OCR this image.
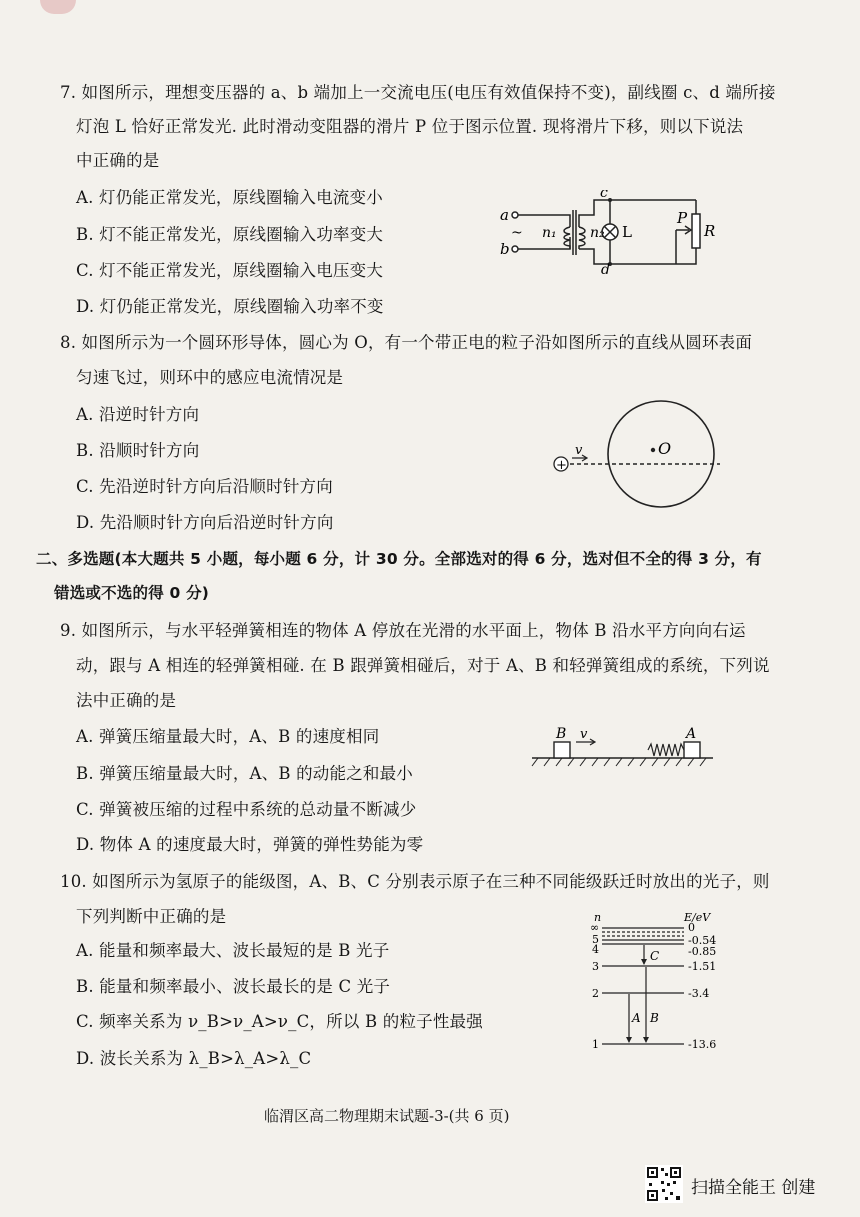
7. 如图所示，理想变压器的 a、b 端加上一交流电压(电压有效值保持不变)，副线圈 c、d 端所接
灯泡 L 恰好正常发光. 此时滑动变阻器的滑片 P 位于图示位置. 现将滑片下移，则以下说法
中正确的是
A. 灯仍能正常发光，原线圈输入电流变小
B. 灯不能正常发光，原线圈输入功率变大
C. 灯不能正常发光，原线圈输入电压变大
D. 灯仍能正常发光，原线圈输入功率不变
a
b
~ n₁ n₂
c
d
L
P
R
8. 如图所示为一个圆环形导体，圆心为 O，有一个带正电的粒子沿如图所示的直线从圆环表面
匀速飞过，则环中的感应电流情况是
A. 沿逆时针方向
B. 沿顺时针方向
C. 先沿逆时针方向后沿顺时针方向
D. 先沿顺时针方向后沿逆时针方向
+
v	O
二、多选题(本大题共 5 小题，每小题 6 分，计 30 分。全部选对的得 6 分，选对但不全的得 3 分，有
错选或不选的得 0 分)
9. 如图所示，与水平轻弹簧相连的物体 A 停放在光滑的水平面上，物体 B 沿水平方向向右运
动，跟与 A 相连的轻弹簧相碰. 在 B 跟弹簧相碰后，对于 A、B 和轻弹簧组成的系统，下列说
法中正确的是
A. 弹簧压缩量最大时，A、B 的速度相同
B. 弹簧压缩量最大时，A、B 的动能之和最小
C. 弹簧被压缩的过程中系统的总动量不断减少
D. 物体 A 的速度最大时，弹簧的弹性势能为零
B v	A
10. 如图所示为氢原子的能级图，A、B、C 分别表示原子在三种不同能级跃迁时放出的光子，则
下列判断中正确的是
A. 能量和频率最大、波长最短的是 B 光子
B. 能量和频率最小、波长最长的是 C 光子
C. 频率关系为 ν_B>ν_A>ν_C，所以 B 的粒子性最强
D. 波长关系为 λ_B>λ_A>λ_C
n	E/eV
∞	0
5	-0.54
4	-0.85
3	-1.51
2	-3.4
1	-13.6
A B
C
临渭区高二物理期末试题-3-(共 6 页)
扫描全能王 创建
